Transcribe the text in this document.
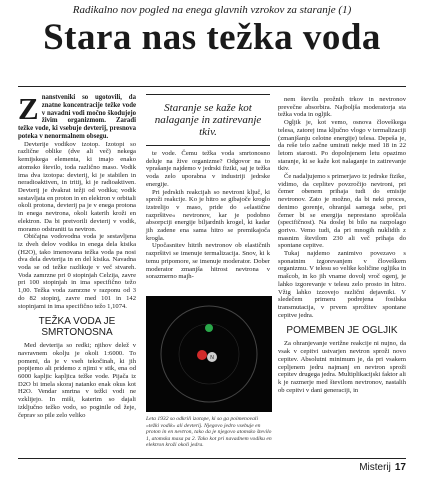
Radikalno nov pogled na enega glavnih vzrokov za staranje (1)
Stara nas težka voda

Znanstveniki so ugotovili, da znatne koncentracije težke vode v navadni vodi močno škodujejo živim organizmom. Zaradi težke vode, ki vsebuje devterij, presnova poteka v nenormalnem obsegu.

Devterije vodikov izotop. Izotopi so različne oblike (dve ali več) nekega kemijskega elementa, ki imajo enako atomsko število, toda različno maso. Vodik ima dva izotopa: devterij, ki je stabilen in neradioaktiven, in tritij, ki je radioaktiven. Devterij je dvakrat težji od vodika; vodik sestavljata en proton in en elektron v orbitali okoli protona, devterij pa je v enega protona in enega nevtrona, okoli katerih kroži en elektron. Da bi pretvorili devterij v vodik, moramo odstraniti ta nevtron.

Običajna vodovodna voda je sestavljena iz dveh delov vodika in enega dela kisika (H2O), tako imenovana težka voda pa nosi dva dela devterija in en del kisika. Navadna voda se od težke razlikuje v več stvareh. Voda zamrzne pri 0 stopinjah Celzija, zavre pri 100 stopinjah in ima specifično težo 1,00. Težka voda zamrzne v razponu od 3 do 82 stopinj, zavre med 101 in 142 stopinjami in ima specifično težo 1,1074.

TEŽKA VODA JE SMRTONOSNA

Med devterija so redki; njihov delež v navravnem okolju je okoli 1:6000. To pomeni, da je v vseh tekočinah, ki jih popijemo ali pridemo z njimi v stik, ena od 6000 kapljic kapljica težke vode. Pijača iz D2O bi imela skoraj natanko enak okus kot H2O. Vendar smrtna v težki vodi ne vzklijejo. In miši, katerim so dajali izključno težko vodo, so poginile od žeje, čeprav so pile zelo veliko

Staranje se kaže kot nalaganje in zatirevanje tkiv.

te vode. Čemu težka voda smrtonosno deluje na žive organizme? Odgovor na to vprašanje najdemo v jedrski fiziki, saj je težka voda zelo uporabna v industriji jedrske energije.

Pri jedrskih reakcijah so nevtroni ključ, ki sproži reakcije. Ko je hitro se gibajoče kroglo izstrelijo v maso, pride do »elastične razpršitve« nevtronov, kar je podobno absorpciji energije biljardnih krogel, ki kadar jih zadene ena sama hitro se premikajoča krogla.

Upočasnitev hitrih nevtronov ob elastičnih razpršitvi se imenuje termalizacija. Snov, ki k temu pripomore, se imenuje moderator. Dober moderator zmanjša hitrost nevtrona v sorazmerno majh-

N
Leta 1932 so odkrili izotope, ki so ga poimenovali »težki vodik« ali devterij. Njegovo jedro vsebuje en proton in en nevtron, tako da je njegovo atomsko število 1, atomska masa pa 2. Tako kot pri navadnem vodiku en elektron kroži okoli jedra.

nem številu prožnih trkov in nevtronov prevečne absorbira. Najboljša moderatorja sta težka voda in ogljik.

Ogljik je, kot vemo, osnova človeškega telesa, zatorej ima ključno vlogo v termalizaciji (zmanjšanju celotne energije) telesa. Depeša je, da reše telo začne umirati nekje med 18 in 22 letom starosti. Po dopolnjenem letu opazimo staranje, ki se kaže kot nalaganje in zatirevanje tkiv.

Če nadaljujemo s primerjavo iz jedrske fizike, vidimo, da ceplitev povzročijo nevtroni, pri čemer obenem prihaja tudi do emisije nevtronov. Zato je možno, da bi neki proces, denimo gorenje, ohranjal samega sebe, pri čemer bi se energija neprestano sproščala (specifičnost). Na doslej bi bilo na razpolago gorivo. Vemo tudi, da pri mnogih nuklidih z masnim številom 230 ali več prihaja do spontane cepitve.

Tukaj najdemo zanimivo povezavo s sponatnim izgorevanjem v človeškem organizmu. V telesu so velike količine ogljika in mašcob, in ko jih vname dovolj vroč ogenj, je lahko izgorevanje v telesu zelo prosto in hitro. Vžig lahko izzovejo različni dejavniki. V sledečem primeru podrejena fosilska transmutacija, v prvem sprožitev spontane cepitve jedra.

POMEMBEN JE OGLJIK

Za ohranjevanje verižne reakcije ni nujno, da vsak v cepitvi ustvarjen nevtron sproži novo cepitev. Absolutni minimum je, da pri vsakem cepljenem jedru najmanj en nevtron sproži cepitev drugega jedra. Multiplikacijski faktor ali k je razmerje med številom nevtronov, nastalih ob cepitvi v dani generaciji, in

Misterij 17
